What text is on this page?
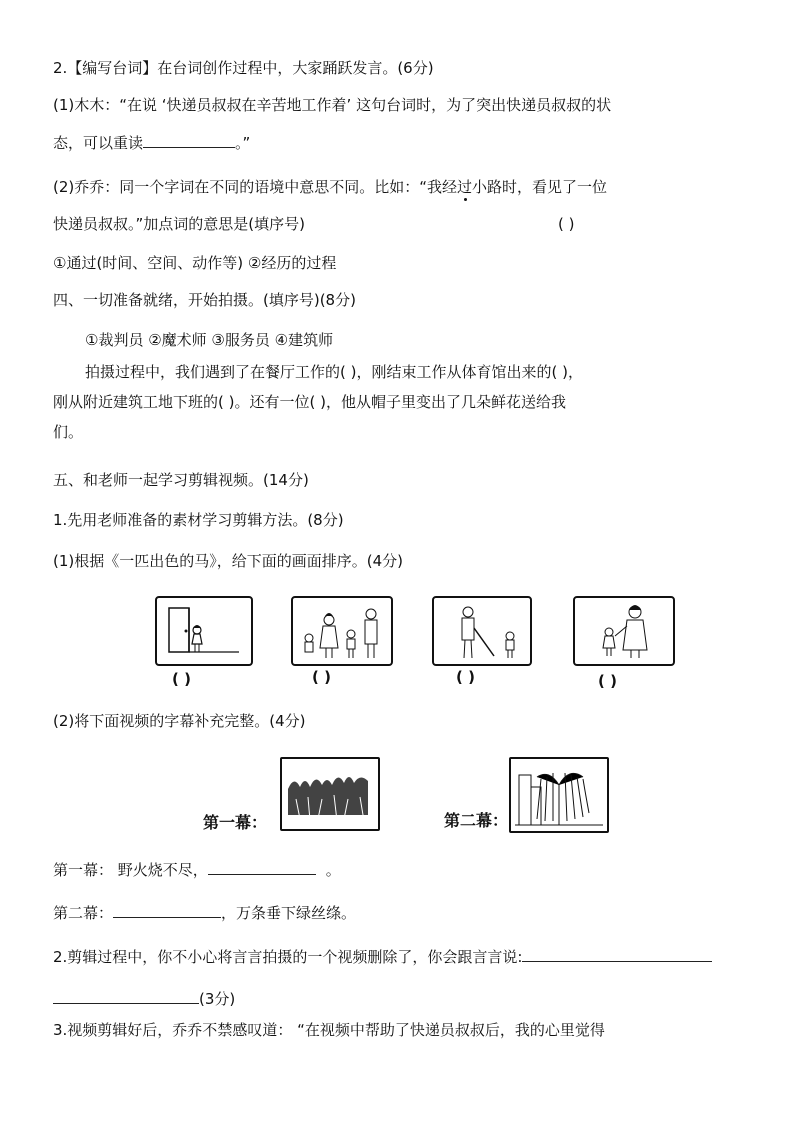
2.【编写台词】在台词创作过程中，大家踊跃发言。(6分)
(1)木木：“在说 ‘快递员叔叔在辛苦地工作着’ 这句台词时，为了突出快递员叔叔的状
态，可以重读	。”
(2)乔乔：同一个字词在不同的语境中意思不同。比如：“我经过小路时，看见了一位
快递员叔叔。”加点词的意思是(填序号)	( )
①通过(时间、空间、动作等) ②经历的过程
四、一切准备就绪，开始拍摄。(填序号)(8分)
①裁判员 ②魔术师 ③服务员 ④建筑师
拍摄过程中，我们遇到了在餐厅工作的( )，刚结束工作从体育馆出来的( )，
刚从附近建筑工地下班的( )。还有一位( )，他从帽子里变出了几朵鲜花送给我
们。
五、和老师一起学习剪辑视频。(14分)
1.先用老师准备的素材学习剪辑方法。(8分)
(1)根据《一匹出色的马》，给下面的画面排序。(4分)
( )	( )	( )	( )
(2)将下面视频的字幕补充完整。(4分)
第一幕：	第二幕：
第一幕： 野火烧不尽，	。
第二幕：	，万条垂下绿丝绦。
2.剪辑过程中，你不小心将言言拍摄的一个视频删除了，你会跟言言说:
(3分)
3.视频剪辑好后，乔乔不禁感叹道： “在视频中帮助了快递员叔叔后，我的心里觉得
